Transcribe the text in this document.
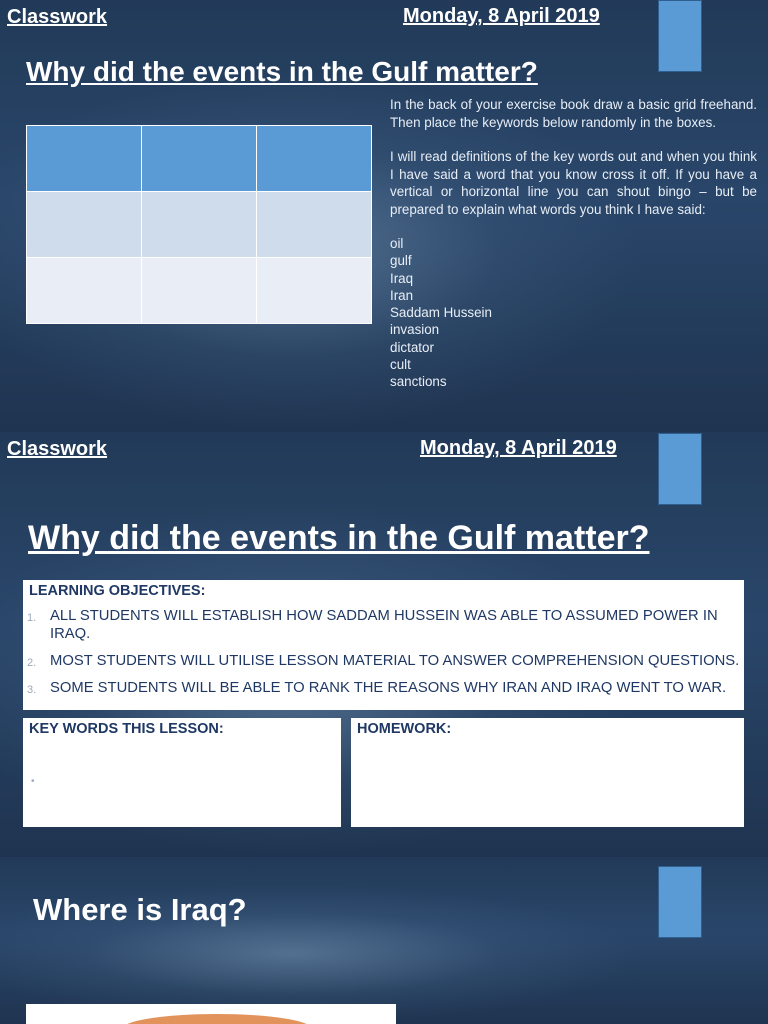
Classwork	Monday, 8 April 2019
Why did the events in the Gulf matter?

In the back of your exercise book draw a basic grid freehand. Then place the keywords below randomly in the boxes.

I will read definitions of the key words out and when you think I have said a word that you know cross it off. If you have a vertical or horizontal line you can shout bingo – but be prepared to explain what words you think I have said:

oil
gulf
Iraq
Iran
Saddam Hussein
invasion
dictator
cult
sanctions
Classwork	Monday, 8 April 2019
Why did the events in the Gulf matter?
LEARNING OBJECTIVES:
1. ALL STUDENTS WILL ESTABLISH HOW SADDAM HUSSEIN WAS ABLE TO ASSUMED POWER IN IRAQ.
2. MOST STUDENTS WILL UTILISE LESSON MATERIAL TO ANSWER COMPREHENSION QUESTIONS.
3. SOME STUDENTS WILL BE ABLE TO RANK THE REASONS WHY IRAN AND IRAQ WENT TO WAR.
KEY WORDS THIS LESSON:
•
HOMEWORK:
Where is Iraq?
